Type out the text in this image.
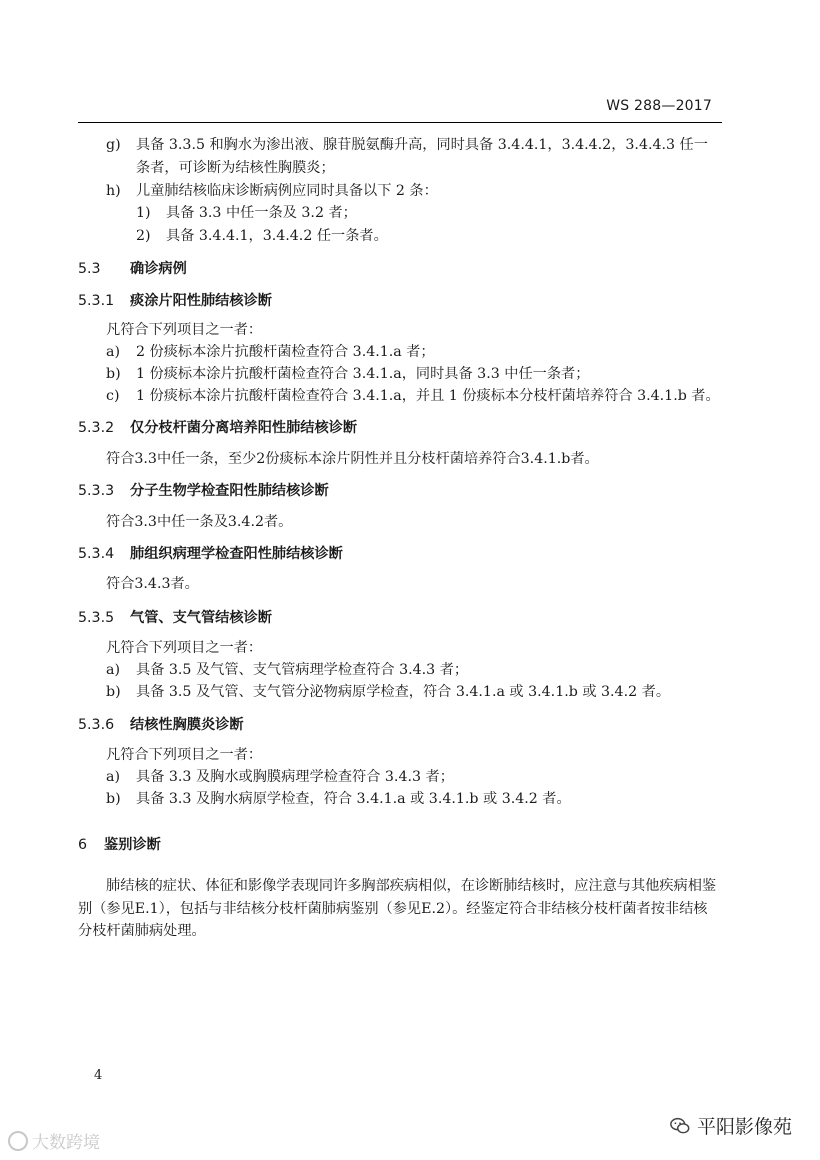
WS 288—2017
g) 具备 3.3.5 和胸水为渗出液、腺苷脱氨酶升高，同时具备 3.4.4.1，3.4.4.2，3.4.4.3 任一
条者，可诊断为结核性胸膜炎；
h) 儿童肺结核临床诊断病例应同时具备以下 2 条：
1) 具备 3.3 中任一条及 3.2 者；
2) 具备 3.4.4.1，3.4.4.2 任一条者。
5.3 确诊病例
5.3.1 痰涂片阳性肺结核诊断
凡符合下列项目之一者：
a) 2 份痰标本涂片抗酸杆菌检查符合 3.4.1.a 者；
b) 1 份痰标本涂片抗酸杆菌检查符合 3.4.1.a，同时具备 3.3 中任一条者；
c) 1 份痰标本涂片抗酸杆菌检查符合 3.4.1.a，并且 1 份痰标本分枝杆菌培养符合 3.4.1.b 者。
5.3.2 仅分枝杆菌分离培养阳性肺结核诊断
符合3.3中任一条，至少2份痰标本涂片阴性并且分枝杆菌培养符合3.4.1.b者。
5.3.3 分子生物学检查阳性肺结核诊断
符合3.3中任一条及3.4.2者。
5.3.4 肺组织病理学检查阳性肺结核诊断
符合3.4.3者。
5.3.5 气管、支气管结核诊断
凡符合下列项目之一者：
a) 具备 3.5 及气管、支气管病理学检查符合 3.4.3 者；
b) 具备 3.5 及气管、支气管分泌物病原学检查，符合 3.4.1.a 或 3.4.1.b 或 3.4.2 者。
5.3.6 结核性胸膜炎诊断
凡符合下列项目之一者：
a) 具备 3.3 及胸水或胸膜病理学检查符合 3.4.3 者；
b) 具备 3.3 及胸水病原学检查，符合 3.4.1.a 或 3.4.1.b 或 3.4.2 者。
6 鉴别诊断
肺结核的症状、体征和影像学表现同许多胸部疾病相似，在诊断肺结核时，应注意与其他疾病相鉴
别（参见E.1），包括与非结核分枝杆菌肺病鉴别（参见E.2）。经鉴定符合非结核分枝杆菌者按非结核
分枝杆菌肺病处理。
4
平阳影像苑
大数跨境
